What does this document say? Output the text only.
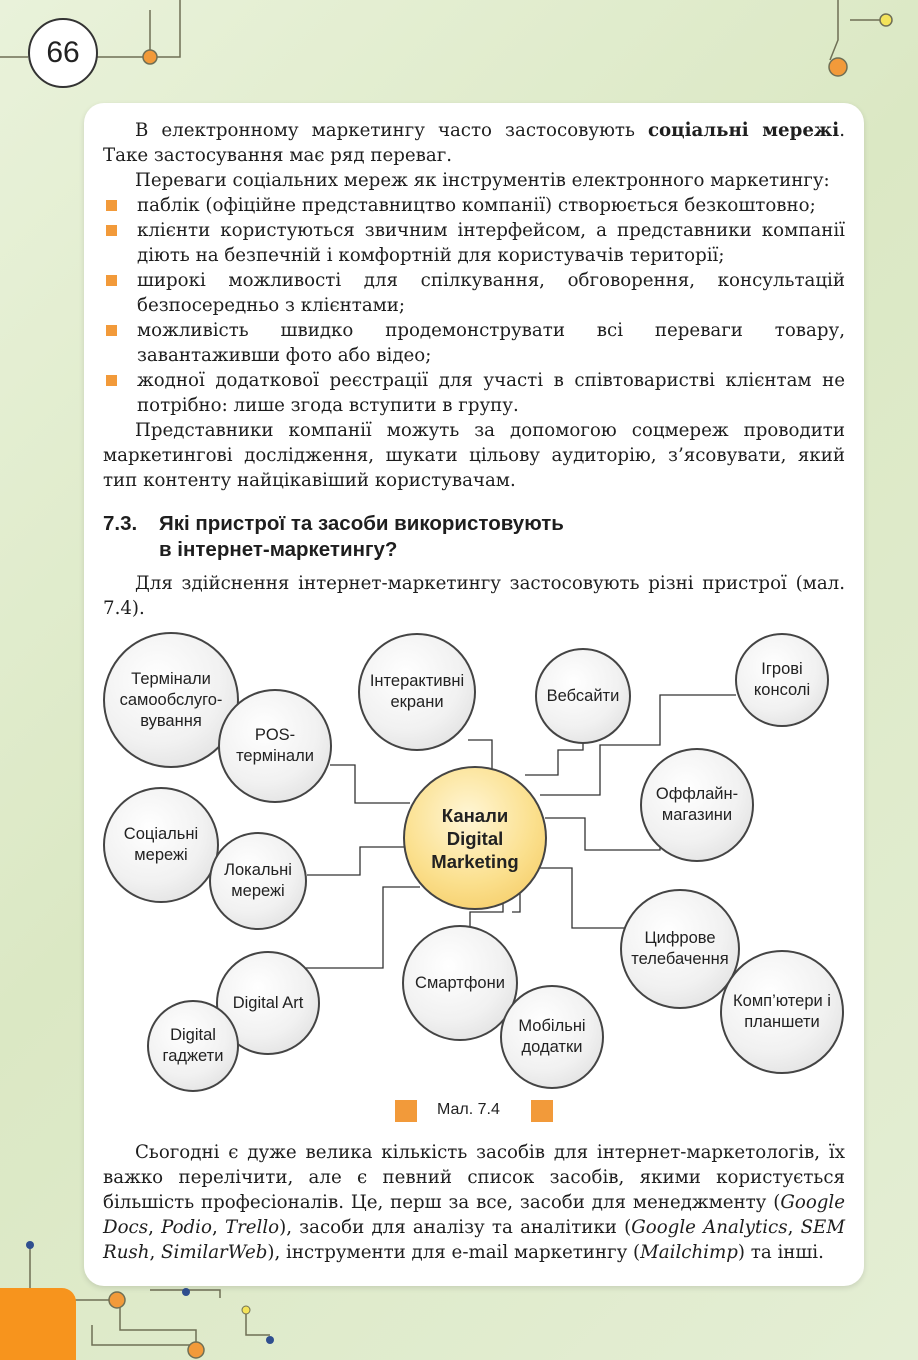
66

В електронному маркетингу часто застосовують соціальні мережі. Таке застосування має ряд переваг.

Переваги соціальних мереж як інструментів електронного маркетингу:

паблік (офіційне представництво компанії) створюється безкоштовно;
клієнти користуються звичним інтерфейсом, а представники компанії діють на безпечній і комфортній для користувачів території;
широкі можливості для спілкування, обговорення, консультацій безпосередньо з клієнтами;
можливість швидко продемонструвати всі переваги товару, завантаживши фото або відео;
жодної додаткової реєстрації для участі в співтоваристві клієнтам не потрібно: лише згода вступити в групу.

Представники компанії можуть за допомогою соцмереж проводити маркетингові дослідження, шукати цільову аудиторію, з’ясовувати, який тип контенту найцікавіший користувачам.

7.3. Які пристрої та засоби використовують
в інтернет-маркетингу?

Для здійснення інтернет-маркетингу застосовують різні пристрої (мал. 7.4).

Термінали самообслуго-вування
POS-термінали
Інтерактивні екрани	Вебсайти
Ігрові консолі
Оффлайн-магазини
Соціальні мережі
Локальні мережі
Канали Digital Marketing
Цифрове телебачення
Комп’ютери і планшети
Смартфони
Мобільні додатки
Digital Art
Digital гаджети
Мал. 7.4

Сьогодні є дуже велика кількість засобів для інтернет-маркетологів, їх важко перелічити, але є певний список засобів, якими користується більшість професіоналів. Це, перш за все, засоби для менеджменту (Google Docs, Podio, Trello), засоби для аналізу та аналітики (Google Analytics, SEM Rush, SimilarWeb), інструменти для e-mail маркетингу (Mailchimp) та інші.
